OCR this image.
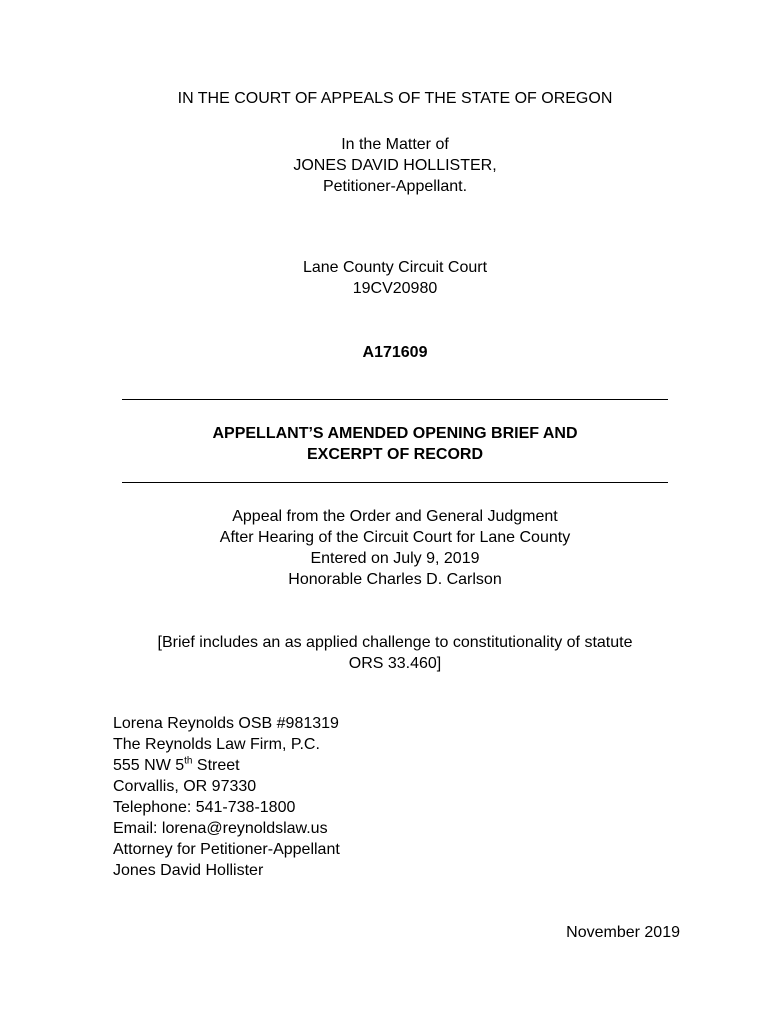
IN THE COURT OF APPEALS OF THE STATE OF OREGON
In the Matter of
JONES DAVID HOLLISTER,
Petitioner-Appellant.
Lane County Circuit Court
19CV20980
A171609
APPELLANT’S AMENDED OPENING BRIEF AND
EXCERPT OF RECORD
Appeal from the Order and General Judgment
After Hearing of the Circuit Court for Lane County
Entered on July 9, 2019
Honorable Charles D. Carlson
[Brief includes an as applied challenge to constitutionality of statute
ORS 33.460]
Lorena Reynolds OSB #981319
The Reynolds Law Firm, P.C.
555 NW 5th Street
Corvallis, OR 97330
Telephone: 541-738-1800
Email: lorena@reynoldslaw.us
Attorney for Petitioner-Appellant
Jones David Hollister
November 2019
